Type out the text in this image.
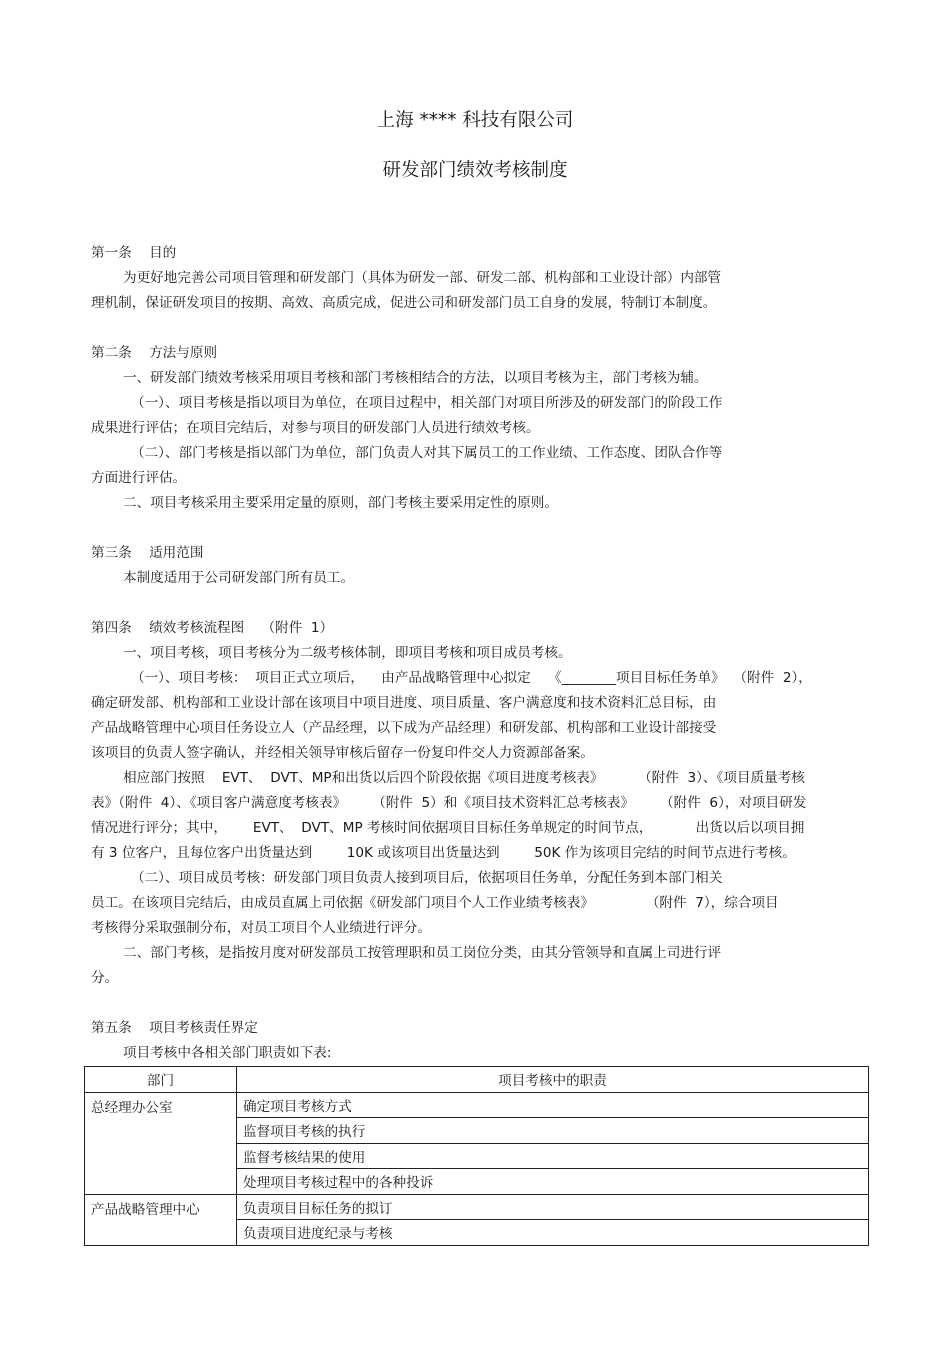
上海 **** 科技有限公司
研发部门绩效考核制度
第一条    目的
为更好地完善公司项目管理和研发部门（具体为研发一部、研发二部、机构部和工业设计部）内部管
理机制，保证研发项目的按期、高效、高质完成，促进公司和研发部门员工自身的发展，特制订本制度。
第二条    方法与原则
一、研发部门绩效考核采用项目考核和部门考核相结合的方法，以项目考核为主，部门考核为辅。
（一）、项目考核是指以项目为单位，在项目过程中，相关部门对项目所涉及的研发部门的阶段工作
成果进行评估；在项目完结后，对参与项目的研发部门人员进行绩效考核。
（二）、部门考核是指以部门为单位，部门负责人对其下属员工的工作业绩、工作态度、团队合作等
方面进行评估。
二、项目考核采用主要采用定量的原则，部门考核主要采用定性的原则。
第三条    适用范围
本制度适用于公司研发部门所有员工。
第四条    绩效考核流程图    （附件  1）
一、项目考核，项目考核分为二级考核体制，即项目考核和项目成员考核。
（一）、项目考核：  项目正式立项后，    由产品战略管理中心拟定    《________项目目标任务单》  （附件  2），
确定研发部、机构部和工业设计部在该项目中项目进度、项目质量、客户满意度和技术资料汇总目标，由
产品战略管理中心项目任务设立人（产品经理，以下成为产品经理）和研发部、机构部和工业设计部接受
该项目的负责人签字确认，并经相关领导审核后留存一份复印件交人力资源部备案。
相应部门按照    EVT、  DVT、MP和出货以后四个阶段依据《项目进度考核表》        （附件  3）、《项目质量考核
表》（附件  4）、《项目客户满意度考核表》      （附件  5）和《项目技术资料汇总考核表》      （附件  6），对项目研发
情况进行评分；其中，      EVT、  DVT、MP 考核时间依据项目目标任务单规定的时间节点，          出货以后以项目拥
有 3 位客户，且每位客户出货量达到        10K 或该项目出货量达到        50K 作为该项目完结的时间节点进行考核。
（二）、项目成员考核：研发部门项目负责人接到项目后，依据项目任务单，分配任务到本部门相关
员工。在该项目完结后，由成员直属上司依据《研发部门项目个人工作业绩考核表》            （附件  7），综合项目
考核得分采取强制分布，对员工项目个人业绩进行评分。
二、部门考核，是指按月度对研发部员工按管理职和员工岗位分类，由其分管领导和直属上司进行评
分。
第五条    项目考核责任界定
项目考核中各相关部门职责如下表:
部门	项目考核中的职责
总经理办公室	确定项目考核方式
	监督项目考核的执行
	监督考核结果的使用
	处理项目考核过程中的各种投诉
产品战略管理中心	负责项目目标任务的拟订
	负责项目进度纪录与考核
